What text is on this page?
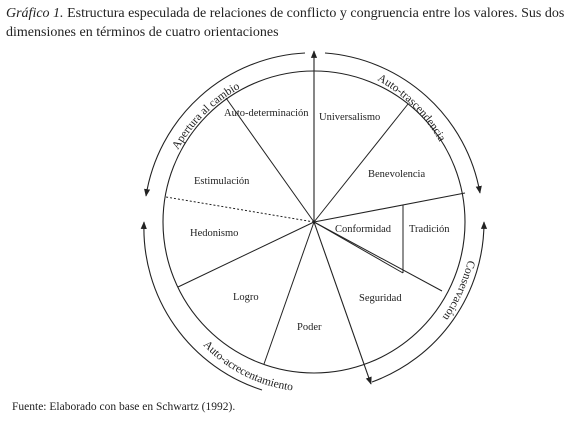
Gráfico 1. Estructura especulada de relaciones de conflicto y congruencia entre los valores. Sus dos dimensiones en términos de cuatro orientaciones
Auto-determinación Universalismo
Benevolencia
Conformidad Tradición
Seguridad
Poder
Logro
Hedonismo
Estimulación
Apertura al cambio
Auto-trascendencia
Conservación
Auto-acrecentamiento
Fuente: Elaborado con base en Schwartz (1992).
